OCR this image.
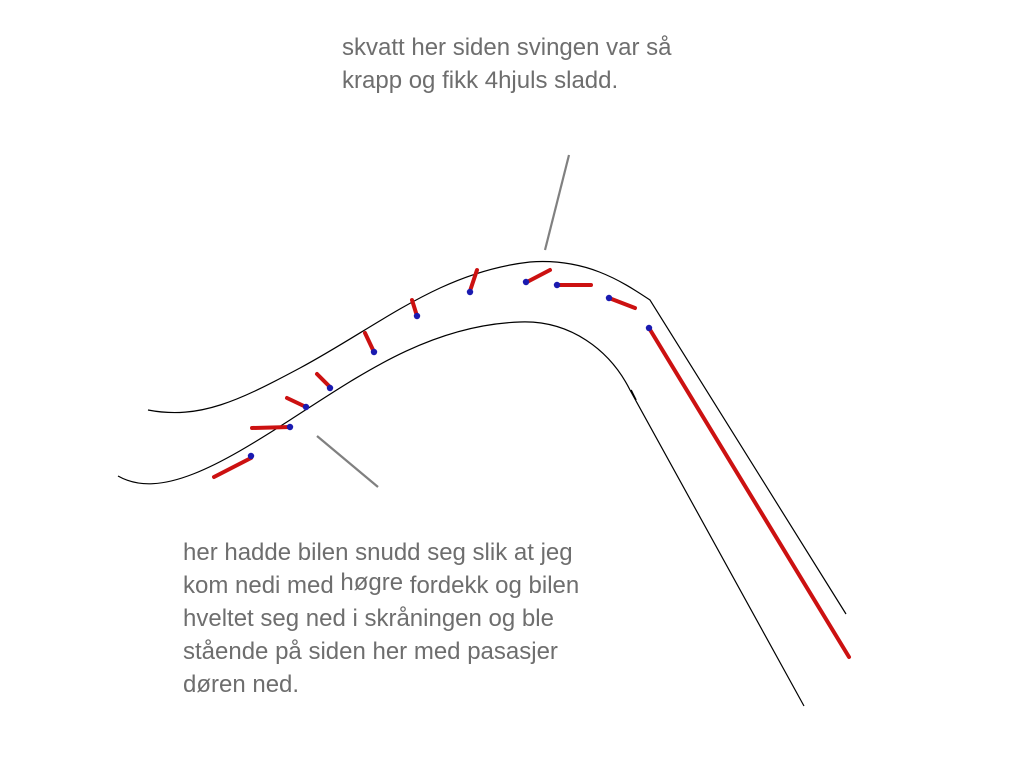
skvatt her siden svingen var så
krapp og fikk 4hjuls sladd.
her hadde bilen snudd seg slik at jeg
kom nedi med høgre fordekk og bilen
hveltet seg ned i skråningen og ble
stående på siden her med pasasjer
døren ned.
